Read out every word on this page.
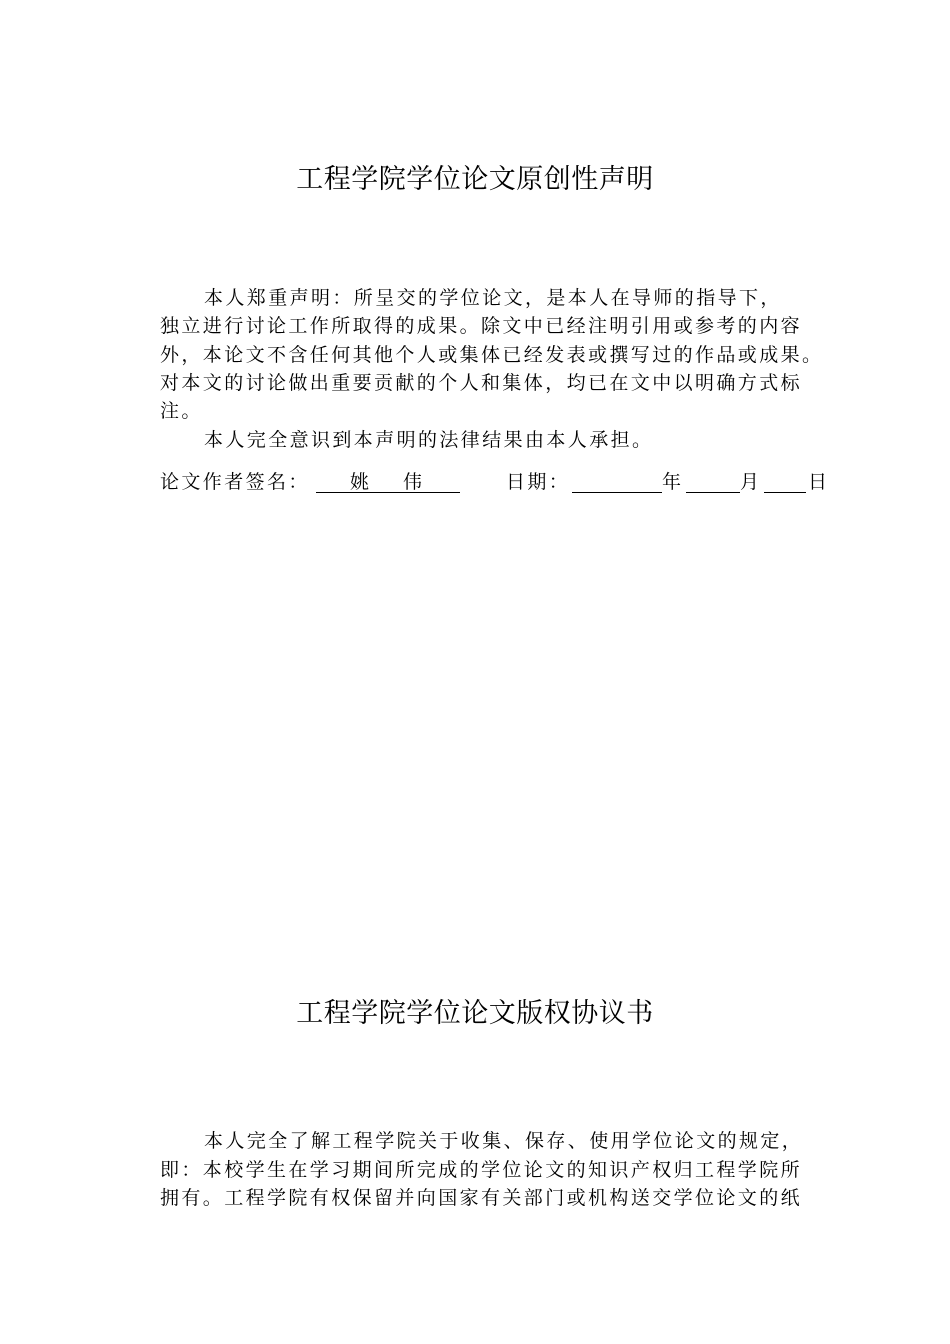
工程学院学位论文原创性声明
本人郑重声明：所呈交的学位论文，是本人在导师的指导下，
独立进行讨论工作所取得的成果。除文中已经注明引用或参考的内容
外，本论文不含任何其他个人或集体已经发表或撰写过的作品或成果。
对本文的讨论做出重要贡献的个人和集体，均已在文中以明确方式标
注。
本人完全意识到本声明的法律结果由本人承担。
论文作者签名： 姚 伟	日期：	年	月 日
工程学院学位论文版权协议书
本人完全了解工程学院关于收集、保存、使用学位论文的规定，
即：本校学生在学习期间所完成的学位论文的知识产权归工程学院所
拥有。工程学院有权保留并向国家有关部门或机构送交学位论文的纸
